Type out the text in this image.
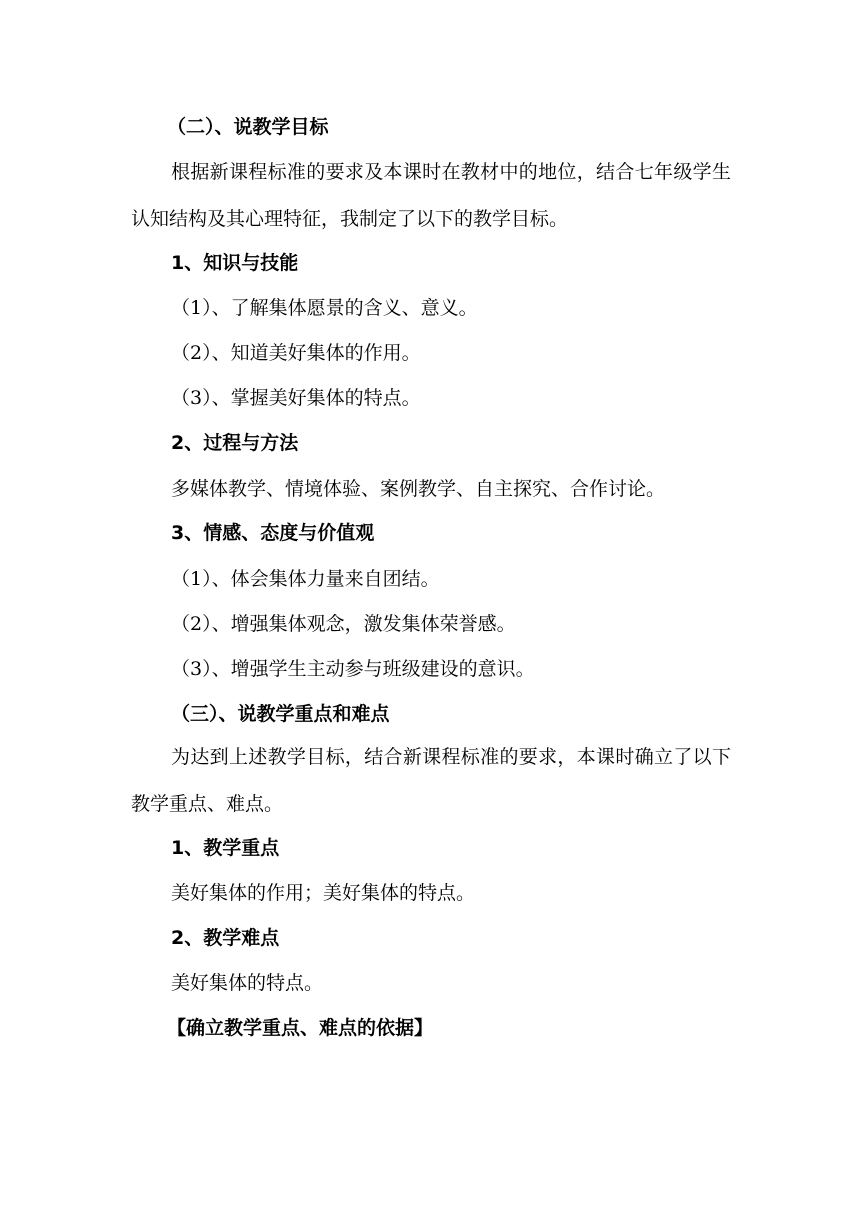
（二）、说教学目标
根据新课程标准的要求及本课时在教材中的地位，结合七年级学生认知结构及其心理特征，我制定了以下的教学目标。
1、知识与技能
（1）、了解集体愿景的含义、意义。
（2）、知道美好集体的作用。
（3）、掌握美好集体的特点。
2、过程与方法
多媒体教学、情境体验、案例教学、自主探究、合作讨论。
3、情感、态度与价值观
（1）、体会集体力量来自团结。
（2）、增强集体观念，激发集体荣誉感。
（3）、增强学生主动参与班级建设的意识。
（三）、说教学重点和难点
为达到上述教学目标，结合新课程标准的要求，本课时确立了以下教学重点、难点。
1、教学重点
美好集体的作用；美好集体的特点。
2、教学难点
美好集体的特点。
【确立教学重点、难点的依据】
